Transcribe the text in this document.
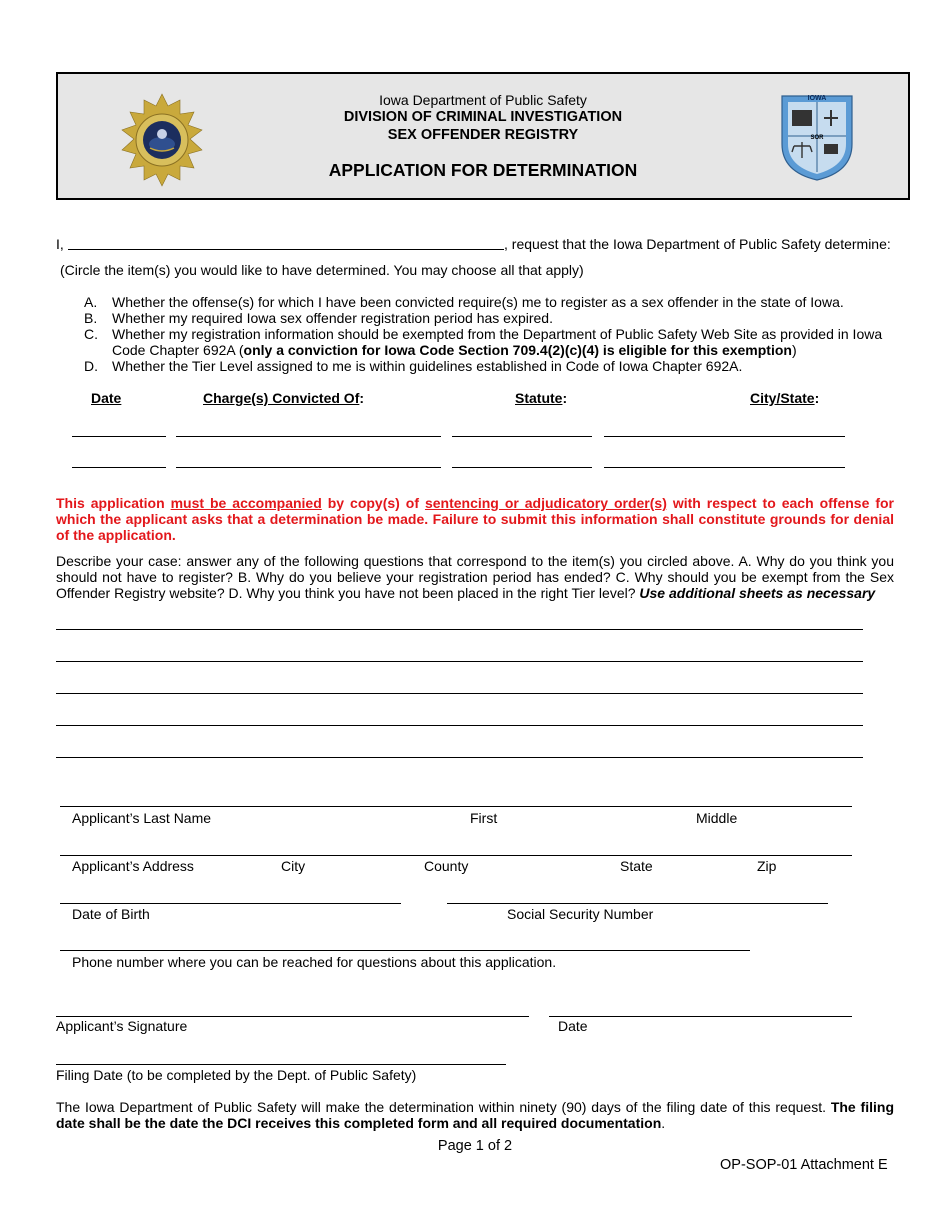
Iowa Department of Public Safety
DIVISION OF CRIMINAL INVESTIGATION
SEX OFFENDER REGISTRY
APPLICATION FOR DETERMINATION
IOWA
SOR
I,	, request that the Iowa Department of Public Safety determine:
(Circle the item(s) you would like to have determined. You may choose all that apply)
A. Whether the offense(s) for which I have been convicted require(s) me to register as a sex offender in the state of Iowa.
B. Whether my required Iowa sex offender registration period has expired.
C. Whether my registration information should be exempted from the Department of Public Safety Web Site as provided in Iowa Code Chapter 692A (only a conviction for Iowa Code Section 709.4(2)(c)(4) is eligible for this exemption)
D. Whether the Tier Level assigned to me is within guidelines established in Code of Iowa Chapter 692A.
Date	Charge(s) Convicted Of:	Statute:	City/State:
This application must be accompanied by copy(s) of sentencing or adjudicatory order(s) with respect to each offense for which the applicant asks that a determination be made. Failure to submit this information shall constitute grounds for denial of the application.
Describe your case: answer any of the following questions that correspond to the item(s) you circled above. A. Why do you think you should not have to register? B. Why do you believe your registration period has ended? C. Why should you be exempt from the Sex Offender Registry website? D. Why you think you have not been placed in the right Tier level? Use additional sheets as necessary
Applicant’s Last Name	First	Middle
Applicant’s Address	City	County	State	Zip
Date of Birth	Social Security Number
Phone number where you can be reached for questions about this application.
Applicant’s Signature	Date
Filing Date (to be completed by the Dept. of Public Safety)
The Iowa Department of Public Safety will make the determination within ninety (90) days of the filing date of this request. The filing date shall be the date the DCI receives this completed form and all required documentation.
Page 1 of 2
OP-SOP-01 Attachment E
